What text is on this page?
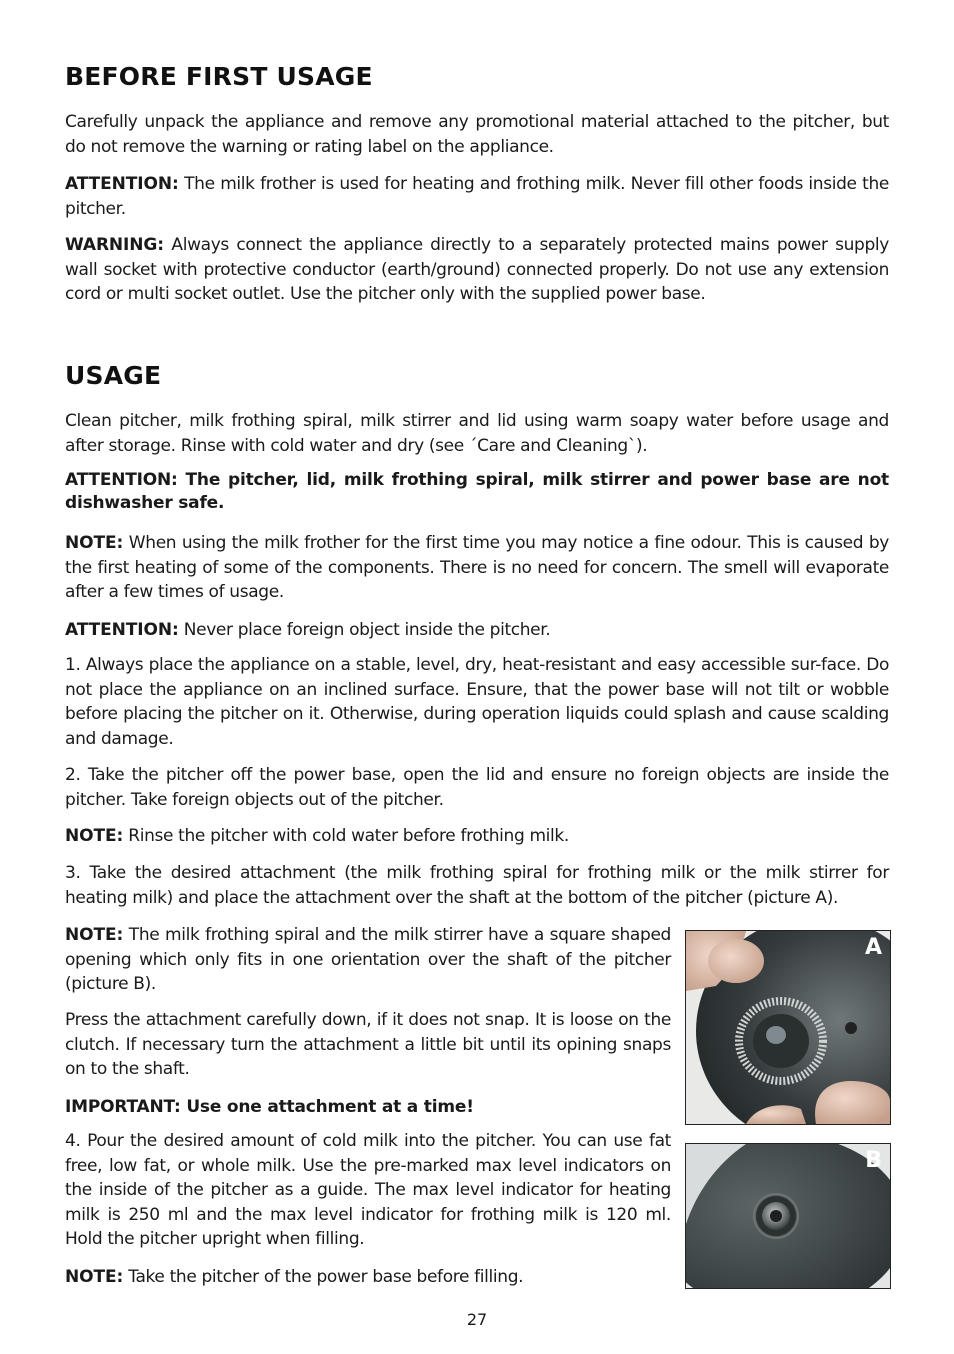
BEFORE FIRST USAGE

Carefully unpack the appliance and remove any promotional material attached to the pitcher, but do not remove the warning or rating label on the appliance.

ATTENTION: The milk frother is used for heating and frothing milk. Never fill other foods inside the pitcher.

WARNING: Always connect the appliance directly to a separately protected mains power supply wall socket with protective conductor (earth/ground) connected properly. Do not use any extension cord or multi socket outlet. Use the pitcher only with the supplied power base.

USAGE

Clean pitcher, milk frothing spiral, milk stirrer and lid using warm soapy water before usage and after storage. Rinse with cold water and dry (see ´Care and Cleaning`).

ATTENTION: The pitcher, lid, milk frothing spiral, milk stirrer and power base are not dishwasher safe.

NOTE: When using the milk frother for the first time you may notice a fine odour. This is caused by the first heating of some of the components. There is no need for concern. The smell will evaporate after a few times of usage.

ATTENTION: Never place foreign object inside the pitcher.

1. Always place the appliance on a stable, level, dry, heat-resistant and easy accessible sur-face. Do not place the appliance on an inclined surface. Ensure, that the power base will not tilt or wobble before placing the pitcher on it. Otherwise, during operation liquids could splash and cause scalding and damage.

2. Take the pitcher off the power base, open the lid and ensure no foreign objects are inside the pitcher. Take foreign objects out of the pitcher.

NOTE: Rinse the pitcher with cold water before frothing milk.

3. Take the desired attachment (the milk frothing spiral for frothing milk or the milk stirrer for heating milk) and place the attachment over the shaft at the bottom of the pitcher (picture A).

NOTE: The milk frothing spiral and the milk stirrer have a square shaped opening which only fits in one orientation over the shaft of the pitcher (picture B).

Press the attachment carefully down, if it does not snap. It is loose on the clutch. If necessary turn the attachment a little bit until its opining snaps on to the shaft.

IMPORTANT: Use one attachment at a time!

4. Pour the desired amount of cold milk into the pitcher. You can use fat free, low fat, or whole milk. Use the pre-marked max level indicators on the inside of the pitcher as a guide. The max level indicator for heating milk is 250 ml and the max level indicator for frothing milk is 120 ml. Hold the pitcher upright when filling.

NOTE: Take the pitcher of the power base before filling.

A
B
27
